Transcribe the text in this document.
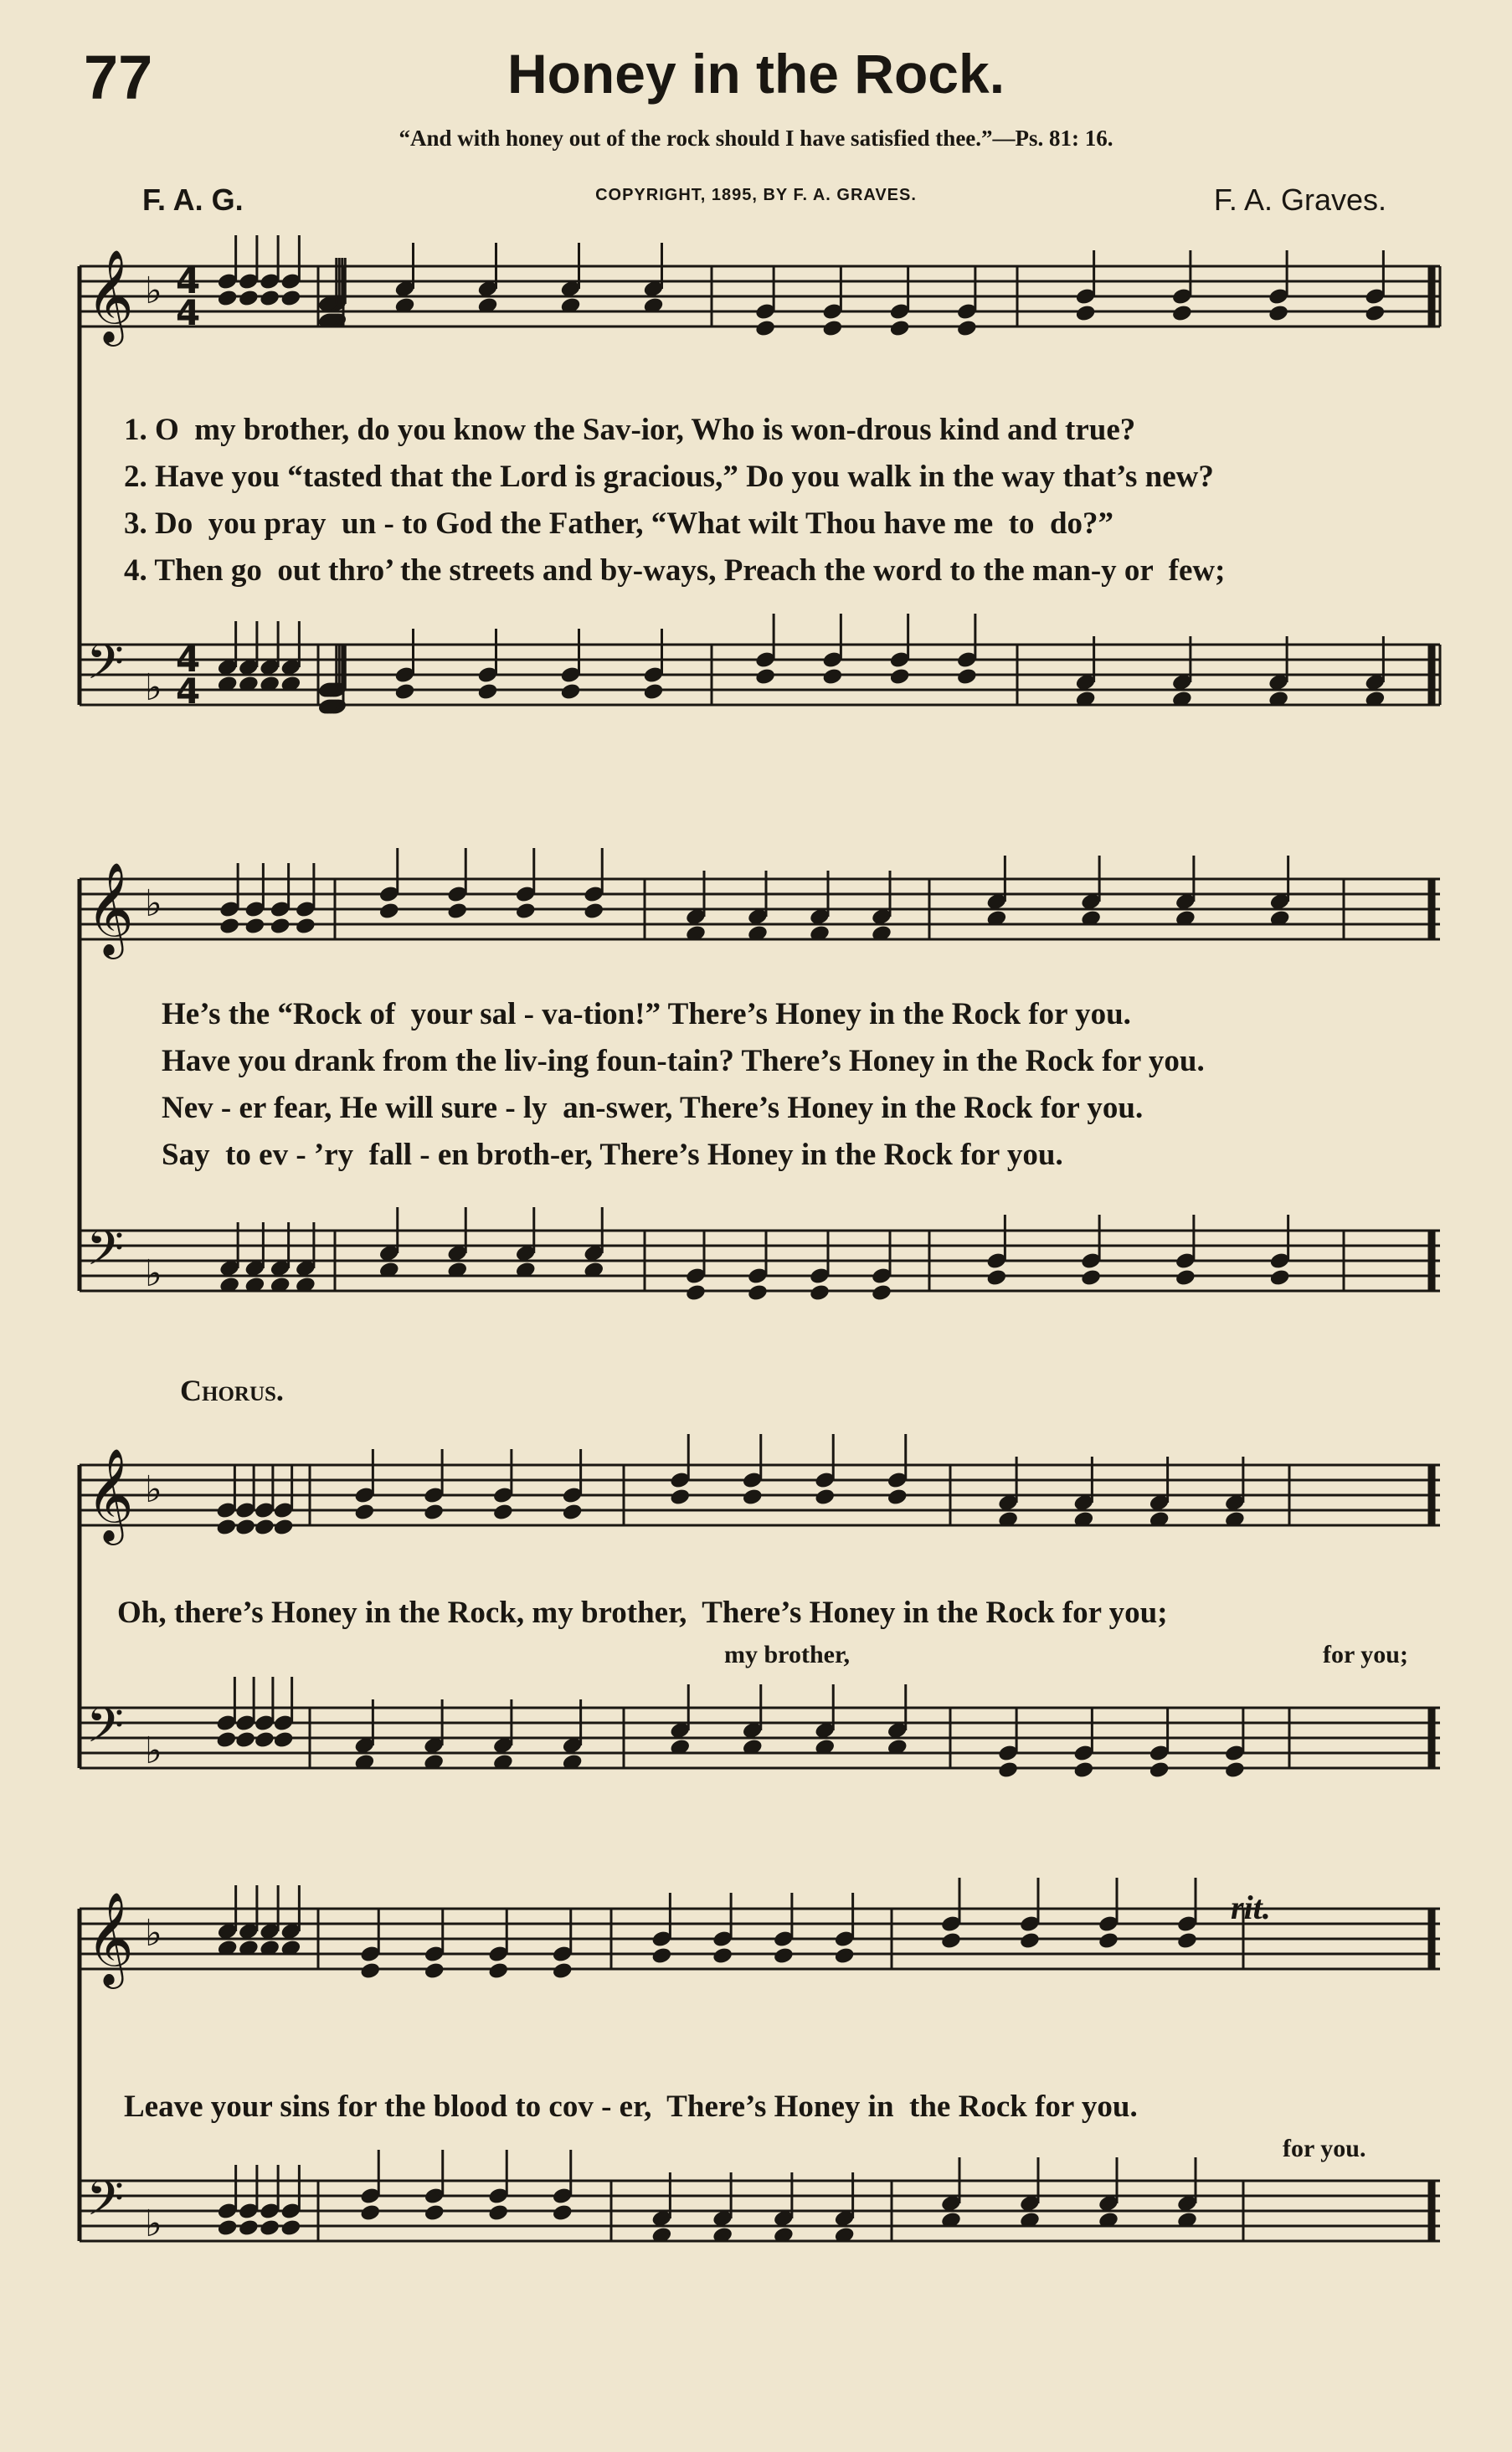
77	Honey in the Rock.
“And with honey out of the rock should I have satisfied thee.”—Ps. 81: 16.
F. A. G.	COPYRIGHT, 1895, BY F. A. GRAVES.	F. A. Graves.
𝄞 ♭
𝄢 ♭
𝄞 ♭
𝄢 ♭
𝄞 ♭
𝄢 ♭
𝄞 ♭
𝄢 ♭
4
4
4
4
1. O  my brother, do you know the Sav-ior, Who is won-drous kind and true?
2. Have you “tasted that the Lord is gracious,” Do you walk in the way that’s new?
3. Do  you pray  un - to God the Father, “What wilt Thou have me  to  do?”
4. Then go  out thro’ the streets and by-ways, Preach the word to the man-y or  few;
He’s the “Rock of  your sal - va-tion!” There’s Honey in the Rock for you.
Have you drank from the liv-ing foun-tain? There’s Honey in the Rock for you.
Nev - er fear, He will sure - ly  an-swer, There’s Honey in the Rock for you.
Say  to ev - ’ry  fall - en broth-er, There’s Honey in the Rock for you.
Chorus.
Oh, there’s Honey in the Rock, my brother,  There’s Honey in the Rock for you;
my brother,	for you;
Leave your sins for the blood to cov - er,  There’s Honey in  the Rock for you.
for you.
rit.
